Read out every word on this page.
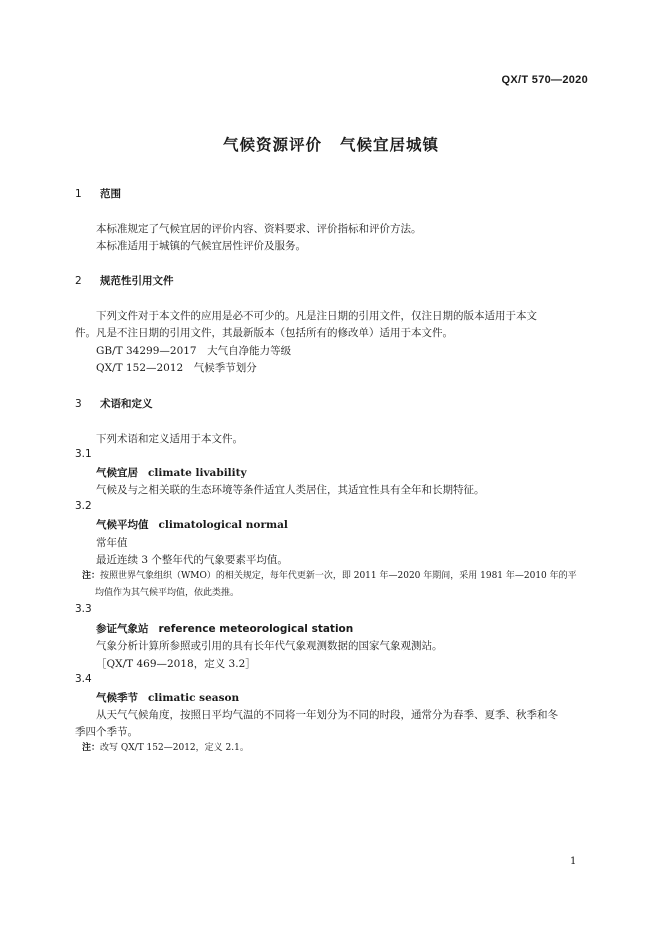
QX/T 570—2020
气候资源评价 气候宜居城镇
1 范围
本标准规定了气候宜居的评价内容、资料要求、评价指标和评价方法。
本标准适用于城镇的气候宜居性评价及服务。
2 规范性引用文件
下列文件对于本文件的应用是必不可少的。凡是注日期的引用文件，仅注日期的版本适用于本文
件。凡是不注日期的引用文件，其最新版本（包括所有的修改单）适用于本文件。
GB/T 34299—2017　大气自净能力等级
QX/T 152—2012　气候季节划分
3 术语和定义
下列术语和定义适用于本文件。
3.1
气候宜居 climate livability
气候及与之相关联的生态环境等条件适宜人类居住，其适宜性具有全年和长期特征。
3.2
气候平均值 climatological normal
常年值
最近连续 3 个整年代的气象要素平均值。
注：按照世界气象组织（WMO）的相关规定，每年代更新一次，即 2011 年—2020 年期间，采用 1981 年—2010 年的平
均值作为其气候平均值，依此类推。
3.3
参证气象站 reference meteorological station
气象分析计算所参照或引用的具有长年代气象观测数据的国家气象观测站。
［QX/T 469—2018，定义 3.2］
3.4
气候季节 climatic season
从天气气候角度，按照日平均气温的不同将一年划分为不同的时段，通常分为春季、夏季、秋季和冬
季四个季节。
注：改写 QX/T 152—2012，定义 2.1。
1
